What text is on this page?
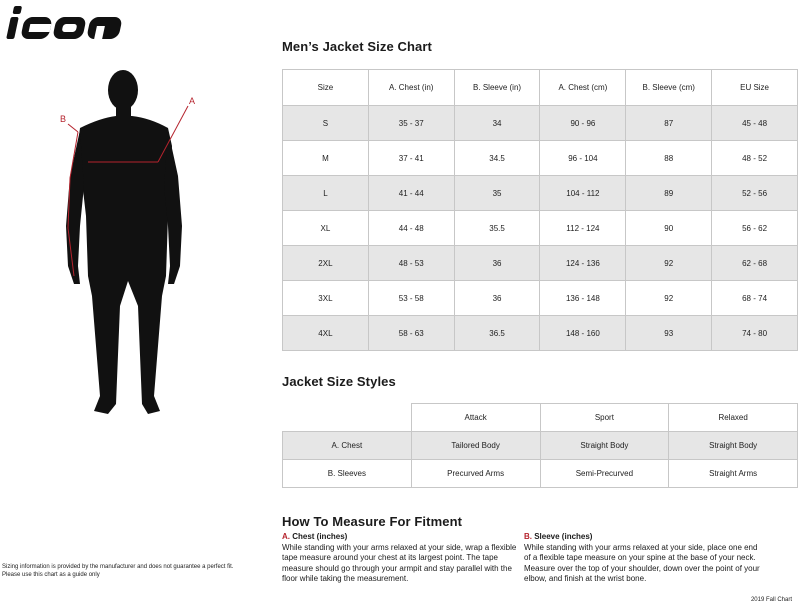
A
B
Men’s Jacket Size Chart
Size	A. Chest (in)	B. Sleeve (in)	A. Chest (cm)	B. Sleeve (cm)	EU Size
S	35 - 37	34	90 - 96	87	45 - 48
M	37 - 41	34.5	96 - 104	88	48 - 52
L	41 - 44	35	104 - 112	89	52 - 56
XL	44 - 48	35.5	112 - 124	90	56 - 62
2XL	48 - 53	36	124 - 136	92	62 - 68
3XL	53 - 58	36	136 - 148	92	68 - 74
4XL	58 - 63	36.5	148 - 160	93	74 - 80
Jacket Size Styles
	Attack	Sport	Relaxed
A. Chest	Tailored Body	Straight Body	Straight Body
B. Sleeves	Precurved Arms	Semi-Precurved	Straight Arms
How To Measure For Fitment
A. Chest (inches)
While standing with your arms relaxed at your side, wrap a flexible tape measure around your chest at its largest point. The tape measure should go through your armpit and stay parallel with the floor while taking the measurement.
B. Sleeve (inches)
While standing with your arms relaxed at your side, place one end of a flexible tape measure on your spine at the base of your neck. Measure over the top of your shoulder, down over the point of your elbow, and finish at the wrist bone.
Sizing information is provided by the manufacturer and does not guarantee a perfect fit.
Please use this chart as a guide only
2019 Fall Chart
